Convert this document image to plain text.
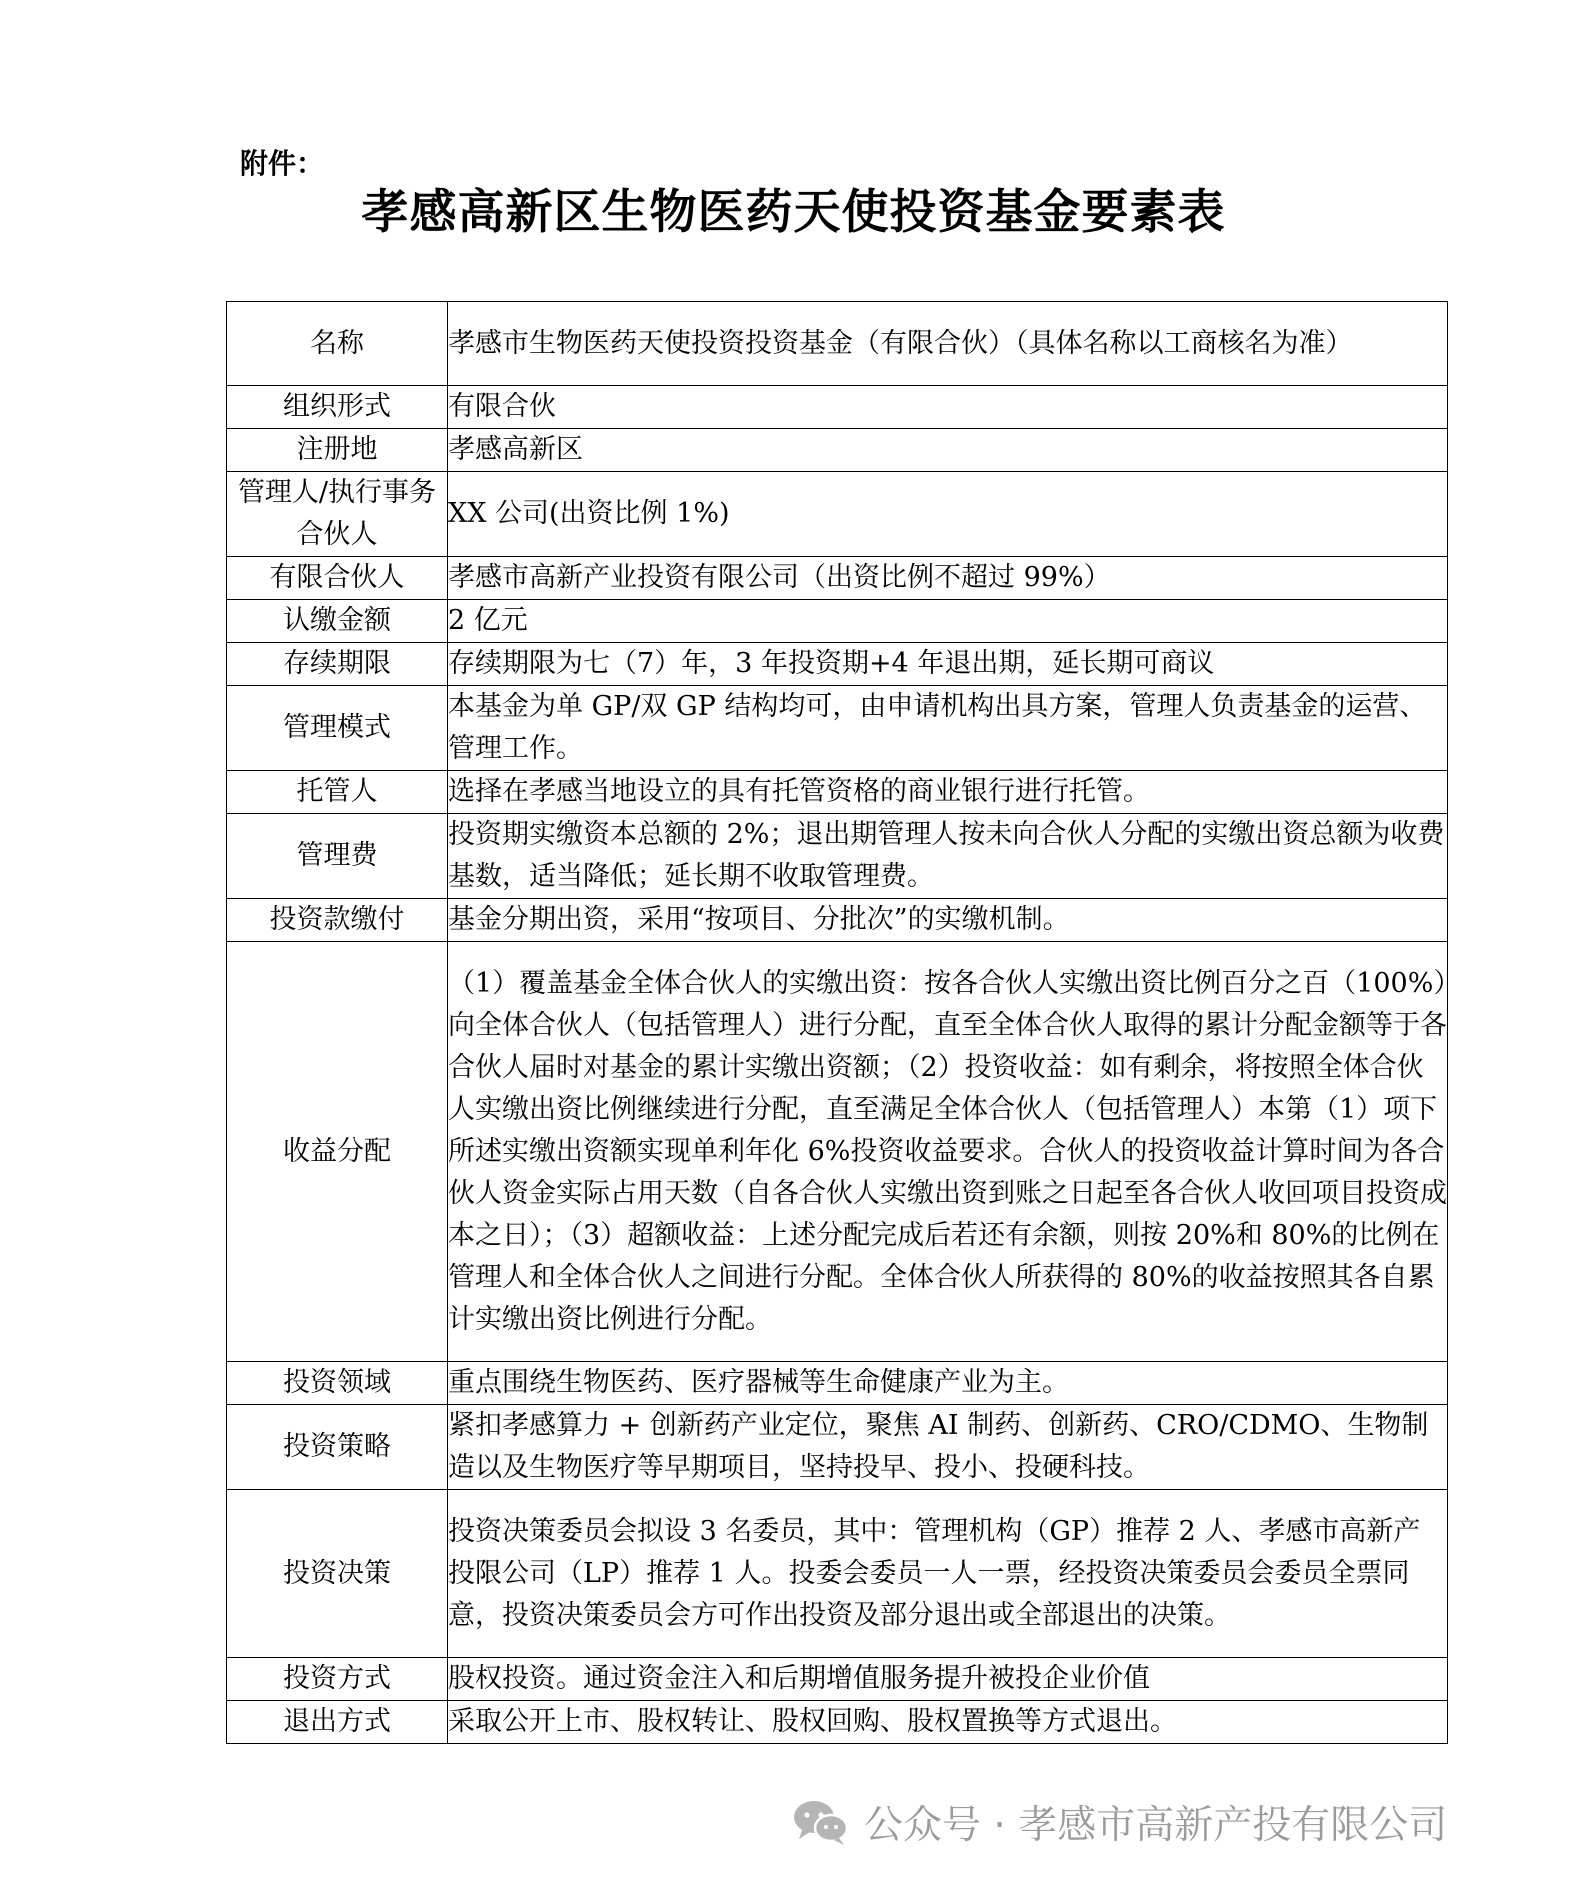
附件：
孝感高新区生物医药天使投资基金要素表
名称	孝感市生物医药天使投资投资基金（有限合伙）（具体名称以工商核名为准）
组织形式	有限合伙
注册地	孝感高新区
管理人/执行事务合伙人	XX 公司(出资比例 1%)
有限合伙人	孝感市高新产业投资有限公司（出资比例不超过 99%）
认缴金额	2 亿元
存续期限	存续期限为七（7）年，3 年投资期+4 年退出期，延长期可商议
管理模式	本基金为单 GP/双 GP 结构均可，由申请机构出具方案，管理人负责基金的运营、管理工作。
托管人	选择在孝感当地设立的具有托管资格的商业银行进行托管。
管理费	投资期实缴资本总额的 2%；退出期管理人按未向合伙人分配的实缴出资总额为收费基数，适当降低；延长期不收取管理费。
投资款缴付	基金分期出资，采用“按项目、分批次”的实缴机制。
收益分配	（1）覆盖基金全体合伙人的实缴出资：按各合伙人实缴出资比例百分之百（100%）向全体合伙人（包括管理人）进行分配，直至全体合伙人取得的累计分配金额等于各合伙人届时对基金的累计实缴出资额；（2）投资收益：如有剩余，将按照全体合伙人实缴出资比例继续进行分配，直至满足全体合伙人（包括管理人）本第（1）项下所述实缴出资额实现单利年化 6%投资收益要求。合伙人的投资收益计算时间为各合伙人资金实际占用天数（自各合伙人实缴出资到账之日起至各合伙人收回项目投资成本之日）；（3）超额收益：上述分配完成后若还有余额，则按 20%和 80%的比例在管理人和全体合伙人之间进行分配。全体合伙人所获得的 80%的收益按照其各自累计实缴出资比例进行分配。
投资领域	重点围绕生物医药、医疗器械等生命健康产业为主。
投资策略	紧扣孝感算力 + 创新药产业定位，聚焦 AI 制药、创新药、CRO/CDMO、生物制造以及生物医疗等早期项目，坚持投早、投小、投硬科技。
投资决策	投资决策委员会拟设 3 名委员，其中：管理机构（GP）推荐 2 人、孝感市高新产投限公司（LP）推荐 1 人。投委会委员一人一票，经投资决策委员会委员全票同意，投资决策委员会方可作出投资及部分退出或全部退出的决策。
投资方式	股权投资。通过资金注入和后期增值服务提升被投企业价值
退出方式	采取公开上市、股权转让、股权回购、股权置换等方式退出。
公众号 · 孝感市高新产投有限公司
